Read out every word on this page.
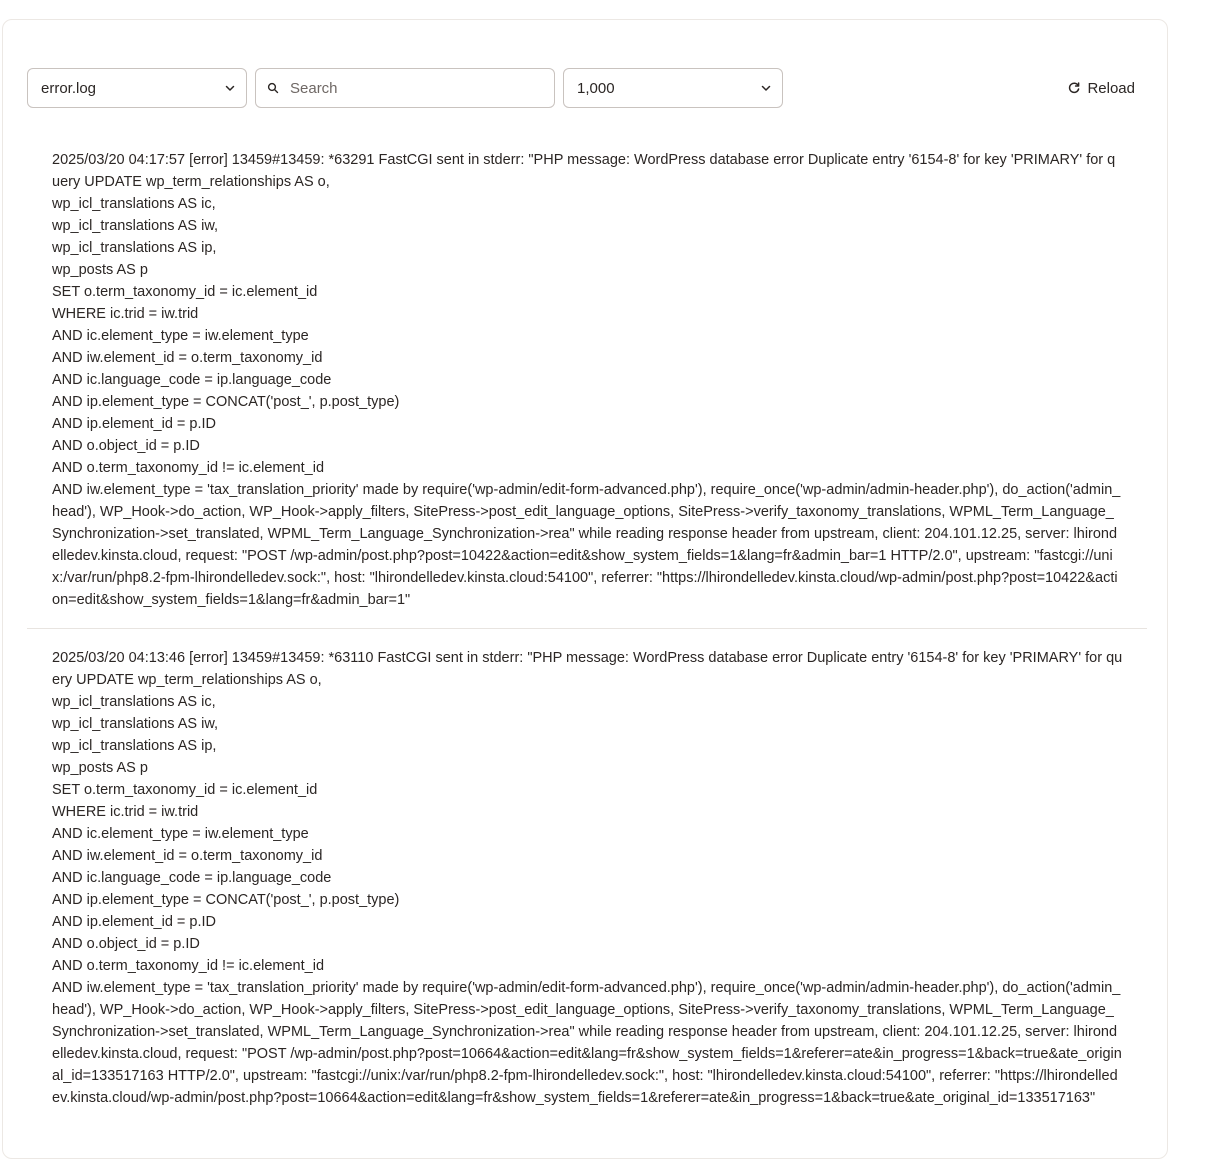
error.log
Search	1,000	Reload
2025/03/20 04:17:57 [error] 13459#13459: *63291 FastCGI sent in stderr: "PHP message: WordPress database error Duplicate entry '6154-8' for key 'PRIMARY' for query UPDATE wp_term_relationships AS o,
wp_icl_translations AS ic,
wp_icl_translations AS iw,
wp_icl_translations AS ip,
wp_posts AS p
SET o.term_taxonomy_id = ic.element_id
WHERE ic.trid = iw.trid
AND ic.element_type = iw.element_type
AND iw.element_id = o.term_taxonomy_id
AND ic.language_code = ip.language_code
AND ip.element_type = CONCAT('post_', p.post_type)
AND ip.element_id = p.ID
AND o.object_id = p.ID
AND o.term_taxonomy_id != ic.element_id
AND iw.element_type = 'tax_translation_priority' made by require('wp-admin/edit-form-advanced.php'), require_once('wp-admin/admin-header.php'), do_action('admin_head'), WP_Hook->do_action, WP_Hook->apply_filters, SitePress->post_edit_language_options, SitePress->verify_taxonomy_translations, WPML_Term_Language_Synchronization->set_translated, WPML_Term_Language_Synchronization->rea" while reading response header from upstream, client: 204.101.12.25, server: lhirondelledev.kinsta.cloud, request: "POST /wp-admin/post.php?post=10422&action=edit&show_system_fields=1&lang=fr&admin_bar=1 HTTP/2.0", upstream: "fastcgi://unix:/var/run/php8.2-fpm-lhirondelledev.sock:", host: "lhirondelledev.kinsta.cloud:54100", referrer: "https://lhirondelledev.kinsta.cloud/wp-admin/post.php?post=10422&action=edit&show_system_fields=1&lang=fr&admin_bar=1"
2025/03/20 04:13:46 [error] 13459#13459: *63110 FastCGI sent in stderr: "PHP message: WordPress database error Duplicate entry '6154-8' for key 'PRIMARY' for query UPDATE wp_term_relationships AS o,
wp_icl_translations AS ic,
wp_icl_translations AS iw,
wp_icl_translations AS ip,
wp_posts AS p
SET o.term_taxonomy_id = ic.element_id
WHERE ic.trid = iw.trid
AND ic.element_type = iw.element_type
AND iw.element_id = o.term_taxonomy_id
AND ic.language_code = ip.language_code
AND ip.element_type = CONCAT('post_', p.post_type)
AND ip.element_id = p.ID
AND o.object_id = p.ID
AND o.term_taxonomy_id != ic.element_id
AND iw.element_type = 'tax_translation_priority' made by require('wp-admin/edit-form-advanced.php'), require_once('wp-admin/admin-header.php'), do_action('admin_head'), WP_Hook->do_action, WP_Hook->apply_filters, SitePress->post_edit_language_options, SitePress->verify_taxonomy_translations, WPML_Term_Language_Synchronization->set_translated, WPML_Term_Language_Synchronization->rea" while reading response header from upstream, client: 204.101.12.25, server: lhirondelledev.kinsta.cloud, request: "POST /wp-admin/post.php?post=10664&action=edit&lang=fr&show_system_fields=1&referer=ate&in_progress=1&back=true&ate_original_id=133517163 HTTP/2.0", upstream: "fastcgi://unix:/var/run/php8.2-fpm-lhirondelledev.sock:", host: "lhirondelledev.kinsta.cloud:54100", referrer: "https://lhirondelledev.kinsta.cloud/wp-admin/post.php?post=10664&action=edit&lang=fr&show_system_fields=1&referer=ate&in_progress=1&back=true&ate_original_id=133517163"
